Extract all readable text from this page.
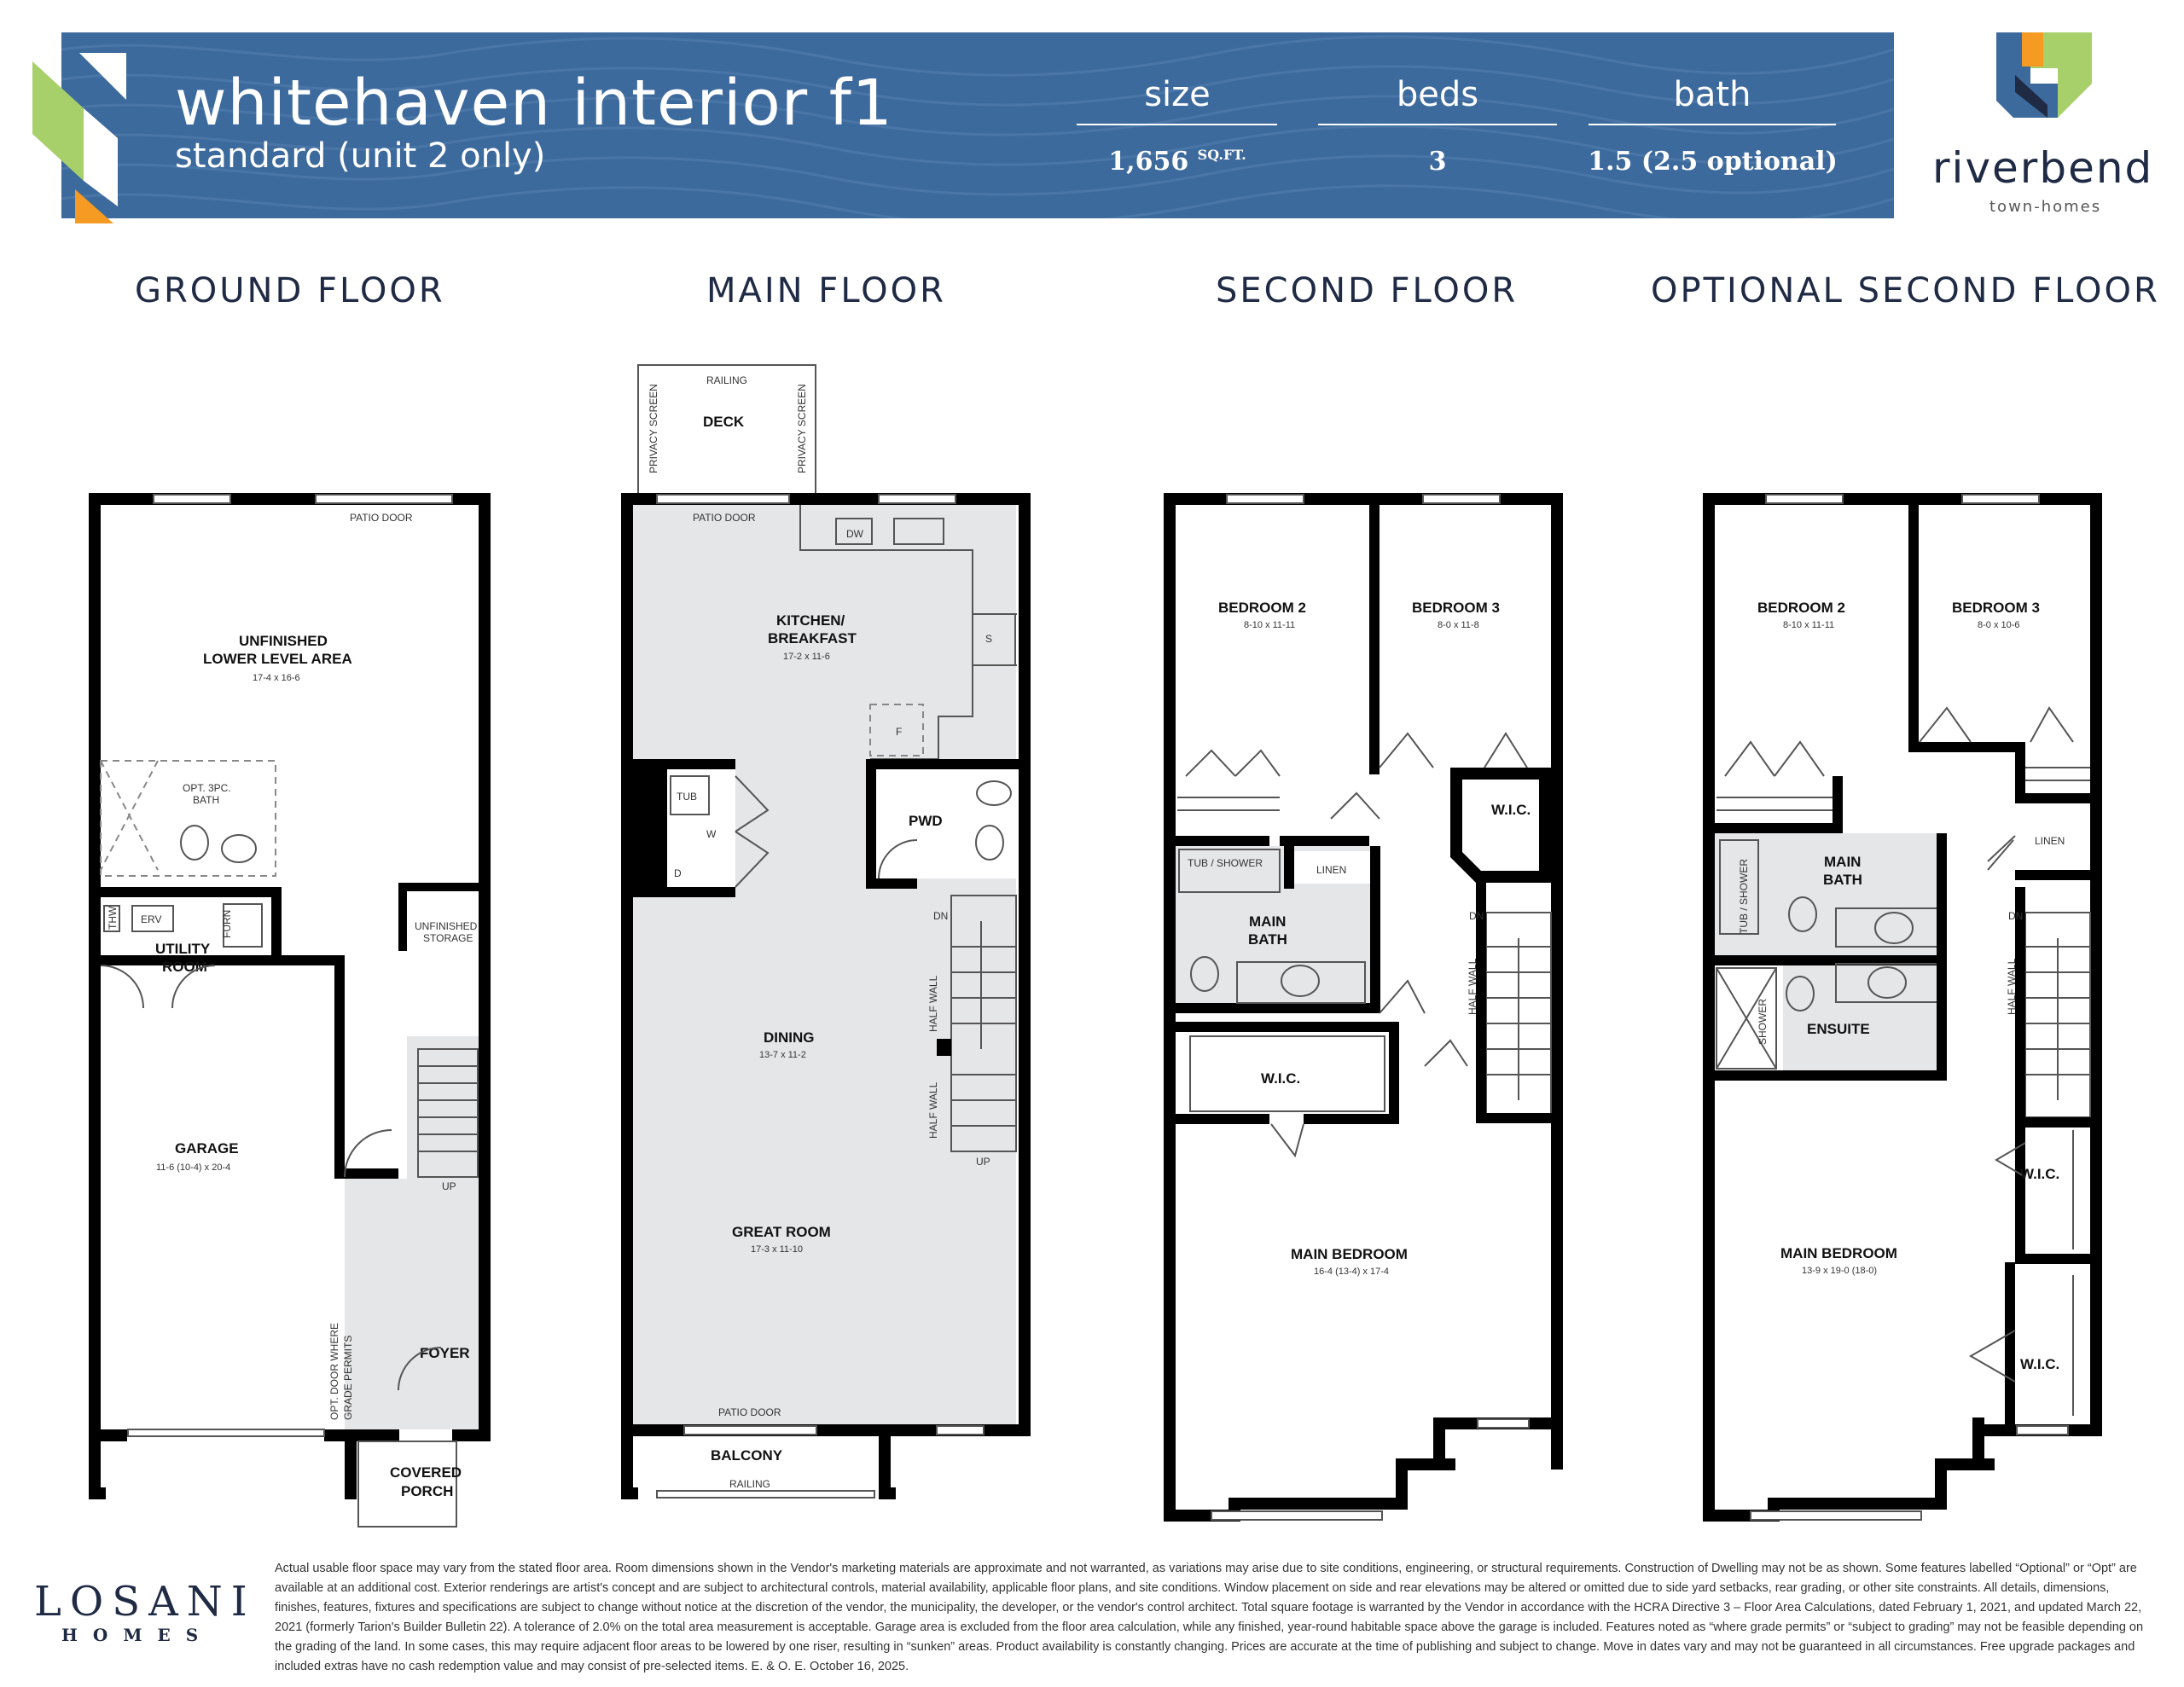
whitehaven interior f1
standard (unit 2 only)
size
1,656 $^{SQ.FT.}$
beds
3
bath
1.5 (2.5 optional) riverbend
town-homes
GROUND FLOOR	MAIN FLOOR	SECOND FLOOR	OPTIONAL SECOND FLOOR
PATIO DOOR
UP
OPT. 3PC.
BATH
THW ERV	FURN
UTILITY
ROOM
UNFINISHED
LOWER LEVEL AREA
17-4 x 16-6
UNFINISHED
STORAGE
GARAGE
11-6 (10-4) x 20-4
FOYER
OPT. DOOR WHERE GRADE PERMITS
COVERED
PORCH
RAILING
DECK
PRIVACY SCREEN	PRIVACY SCREEN
PATIO DOOR
PATIO DOOR
DW
S
F
KITCHEN/
BREAKFAST
17-2 x 11-6
TUB
W
D
PWD
DN
UP
HALF WALL
HALF WALL
DINING
13-7 x 11-2
GREAT ROOM
17-3 x 11-10
BALCONY
RAILING
BEDROOM 2
8-10 x 11-11
BEDROOM 3
8-0 x 11-8
W.I.C.
TUB / SHOWER
LINEN
MAIN
BATH
DN
HALF WALL
W.I.C.
MAIN BEDROOM
16-4 (13-4) x 17-4
BEDROOM 2
8-10 x 11-11
BEDROOM 3
8-0 x 10-6
LINEN
TUB / SHOWER	MAIN
BATH
SHOWER	ENSUITE
DN
HALF WALL
W.I.C.
W.I.C.
MAIN BEDROOM
13-9 x 19-0 (18-0)
LOSANI
HOMES
Actual usable floor space may vary from the stated floor area. Room dimensions shown in the Vendor's marketing materials are approximate and not warranted, as variations may arise due to site conditions, engineering, or structural requirements. Construction of Dwelling may not be as shown. Some features labelled “Optional” or “Opt” are available at an additional cost. Exterior renderings are artist's concept and are subject to architectural controls, material availability, applicable floor plans, and site conditions. Window placement on side and rear elevations may be altered or omitted due to side yard setbacks, rear grading, or other site constraints. All details, dimensions, finishes, features, fixtures and specifications are subject to change without notice at the discretion of the vendor, the municipality, the developer, or the vendor's control architect. Total square footage is warranted by the Vendor in accordance with the HCRA Directive 3 – Floor Area Calculations, dated February 1, 2021, and updated March 22, 2021 (formerly Tarion's Builder Bulletin 22). A tolerance of 2.0% on the total area measurement is acceptable. Garage area is excluded from the floor area calculation, while any finished, year-round habitable space above the garage is included. Features noted as “where grade permits” or “subject to grading” may not be feasible depending on the grading of the land. In some cases, this may require adjacent floor areas to be lowered by one riser, resulting in “sunken” areas. Product availability is constantly changing. Prices are accurate at the time of publishing and subject to change. Move in dates vary and may not be guaranteed in all circumstances. Free upgrade packages and included extras have no cash redemption value and may consist of pre-selected items. E. & O. E. October 16, 2025.
